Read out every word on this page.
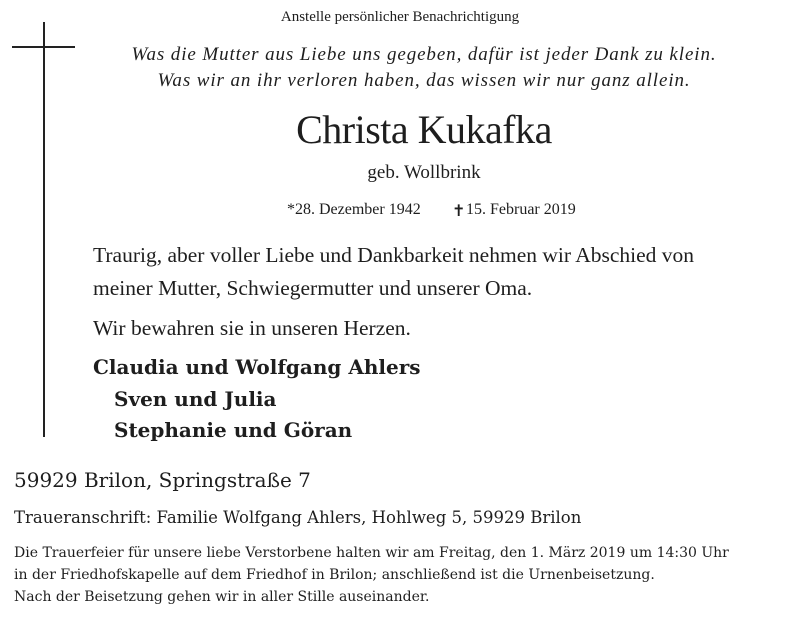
Anstelle persönlicher Benachrichtigung
Was die Mutter aus Liebe uns gegeben, dafür ist jeder Dank zu klein.
Was wir an ihr verloren haben, das wissen wir nur ganz allein.
Christa Kukafka
geb. Wollbrink
*28. Dezember 1942 ✝ 15. Februar 2019
Traurig, aber voller Liebe und Dankbarkeit nehmen wir Abschied von
meiner Mutter, Schwiegermutter und unserer Oma.
Wir bewahren sie in unseren Herzen.
Claudia und Wolfgang Ahlers
Sven und Julia
Stephanie und Göran
59929 Brilon, Springstraße 7
Traueranschrift: Familie Wolfgang Ahlers, Hohlweg 5, 59929 Brilon
Die Trauerfeier für unsere liebe Verstorbene halten wir am Freitag, den 1. März 2019 um 14:30 Uhr
in der Friedhofskapelle auf dem Friedhof in Brilon; anschließend ist die Urnenbeisetzung.
Nach der Beisetzung gehen wir in aller Stille auseinander.
